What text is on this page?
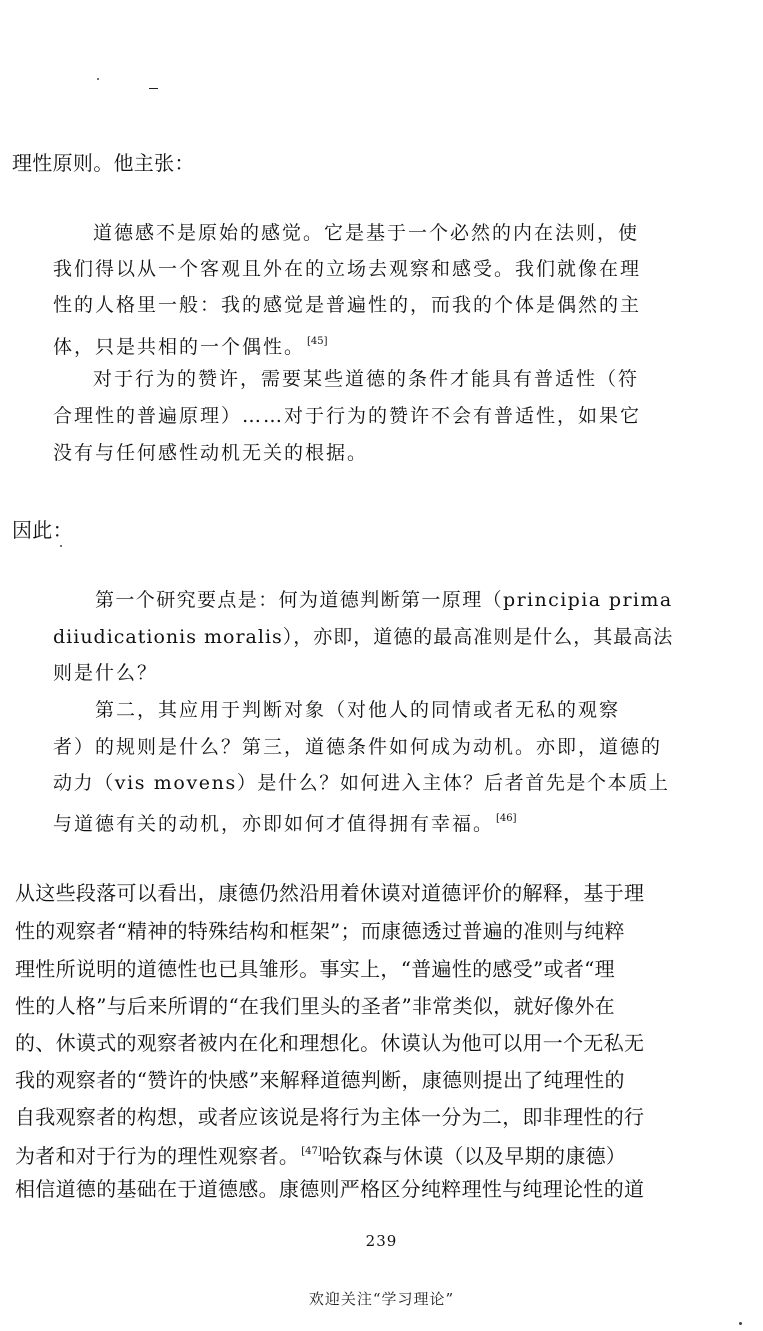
理性原则。他主张：
道德感不是原始的感觉。它是基于一个必然的内在法则，使
我们得以从一个客观且外在的立场去观察和感受。我们就像在理
性的人格里一般：我的感觉是普遍性的，而我的个体是偶然的主
体，只是共相的一个偶性。 [45]
对于行为的赞许，需要某些道德的条件才能具有普适性（符
合理性的普遍原理）……对于行为的赞许不会有普适性，如果它
没有与任何感性动机无关的根据。
因此：
第一个研究要点是：何为道德判断第一原理（principia prima
diiudicationis moralis），亦即，道德的最高准则是什么，其最高法
则是什么？
第二，其应用于判断对象（对他人的同情或者无私的观察
者）的规则是什么？第三，道德条件如何成为动机。亦即，道德的
动力（vis movens）是什么？如何进入主体？后者首先是个本质上
与道德有关的动机，亦即如何才值得拥有幸福。 [46]
从这些段落可以看出，康德仍然沿用着休谟对道德评价的解释，基于理
性的观察者“精神的特殊结构和框架”；而康德透过普遍的准则与纯粹
理性所说明的道德性也已具雏形。事实上，“普遍性的感受”或者“理
性的人格”与后来所谓的“在我们里头的圣者”非常类似，就好像外在
的、休谟式的观察者被内在化和理想化。休谟认为他可以用一个无私无
我的观察者的“赞许的快感”来解释道德判断，康德则提出了纯理性的
自我观察者的构想，或者应该说是将行为主体一分为二，即非理性的行
为者和对于行为的理性观察者。 [47]哈钦森与休谟（以及早期的康德）
相信道德的基础在于道德感。康德则严格区分纯粹理性与纯理论性的道
239
欢迎关注“学习理论”
